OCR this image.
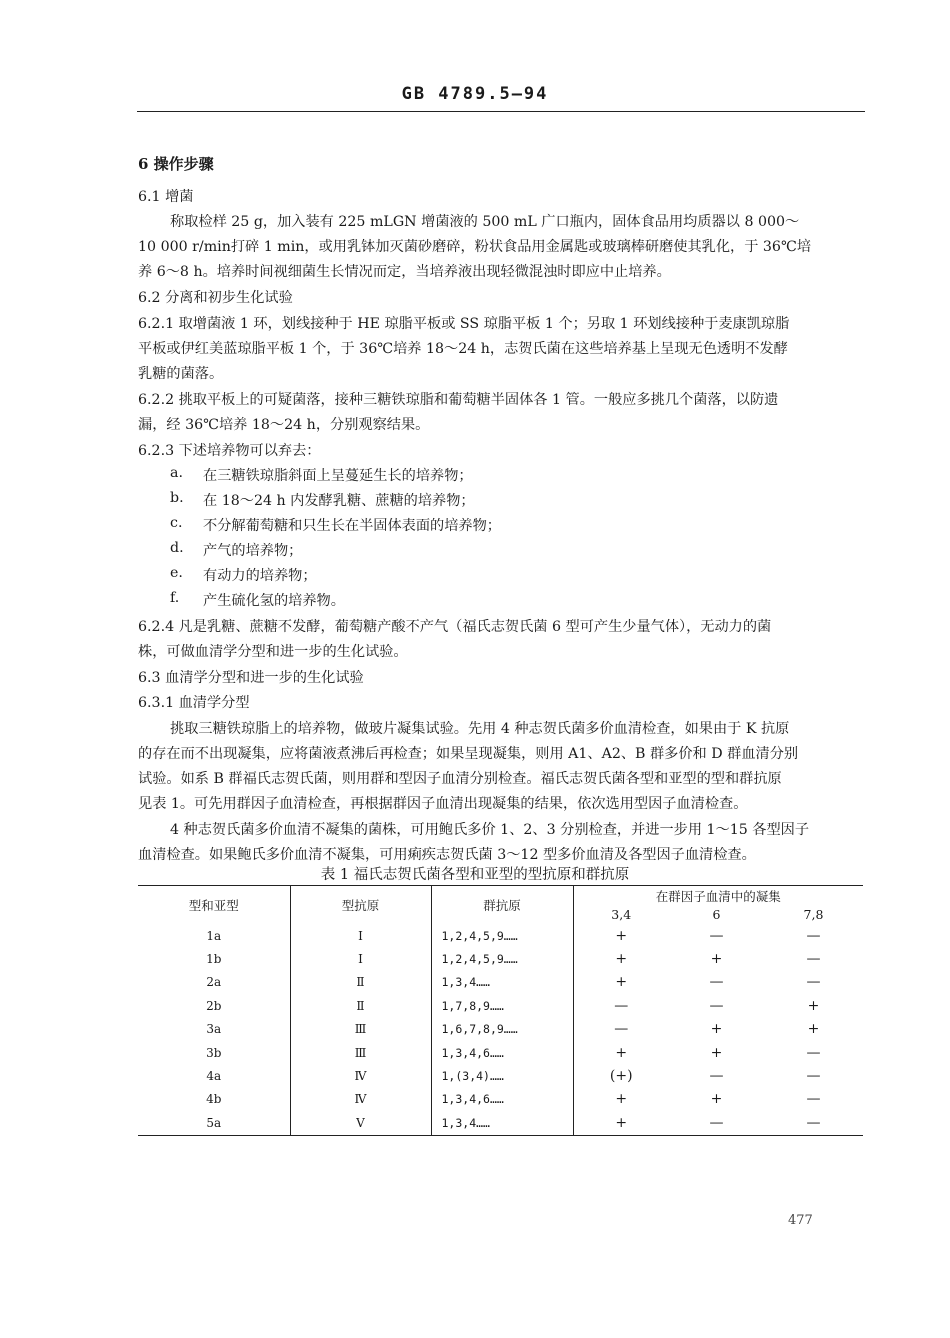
GB 4789.5—94
6 操作步骤
6.1 增菌
称取检样 25 g，加入装有 225 mLGN 增菌液的 500 mL 广口瓶内，固体食品用均质器以 8 000～
10 000 r/min打碎 1 min，或用乳钵加灭菌砂磨碎，粉状食品用金属匙或玻璃棒研磨使其乳化，于 36℃培
养 6～8 h。培养时间视细菌生长情况而定，当培养液出现轻微混浊时即应中止培养。
6.2 分离和初步生化试验
6.2.1 取增菌液 1 环，划线接种于 HE 琼脂平板或 SS 琼脂平板 1 个；另取 1 环划线接种于麦康凯琼脂
平板或伊红美蓝琼脂平板 1 个，于 36℃培养 18～24 h，志贺氏菌在这些培养基上呈现无色透明不发酵
乳糖的菌落。
6.2.2 挑取平板上的可疑菌落，接种三糖铁琼脂和葡萄糖半固体各 1 管。一般应多挑几个菌落，以防遗
漏，经 36℃培养 18～24 h，分别观察结果。
6.2.3 下述培养物可以弃去：
a. 在三糖铁琼脂斜面上呈蔓延生长的培养物；
b. 在 18～24 h 内发酵乳糖、蔗糖的培养物；
c. 不分解葡萄糖和只生长在半固体表面的培养物；
d. 产气的培养物；
e. 有动力的培养物；
f. 产生硫化氢的培养物。
6.2.4 凡是乳糖、蔗糖不发酵，葡萄糖产酸不产气（福氏志贺氏菌 6 型可产生少量气体），无动力的菌
株，可做血清学分型和进一步的生化试验。
6.3 血清学分型和进一步的生化试验
6.3.1 血清学分型
挑取三糖铁琼脂上的培养物，做玻片凝集试验。先用 4 种志贺氏菌多价血清检查，如果由于 K 抗原
的存在而不出现凝集，应将菌液煮沸后再检查；如果呈现凝集，则用 A1、A2、B 群多价和 D 群血清分别
试验。如系 B 群福氏志贺氏菌，则用群和型因子血清分别检查。福氏志贺氏菌各型和亚型的型和群抗原
见表 1。可先用群因子血清检查，再根据群因子血清出现凝集的结果，依次选用型因子血清检查。
4 种志贺氏菌多价血清不凝集的菌株，可用鲍氏多价 1、2、3 分别检查，并进一步用 1～15 各型因子
血清检查。如果鲍氏多价血清不凝集，可用痢疾志贺氏菌 3～12 型多价血清及各型因子血清检查。
表 1 福氏志贺氏菌各型和亚型的型抗原和群抗原
型和亚型	型抗原	群抗原	在群因子血清中的凝集		
			3,4	6	7,8
1a	Ⅰ	1,2,4,5,9……	+	—	—
1b	Ⅰ	1,2,4,5,9……	+	+	—
2a	Ⅱ	1,3,4……	+	—	—
2b	Ⅱ	1,7,8,9……	—	—	+
3a	Ⅲ	1,6,7,8,9……	—	+	+
3b	Ⅲ	1,3,4,6……	+	+	—
4a	Ⅳ	1,(3,4)……	(+)	—	—
4b	Ⅳ	1,3,4,6……	+	+	—
5a	Ⅴ	1,3,4……	+	—	—
477
